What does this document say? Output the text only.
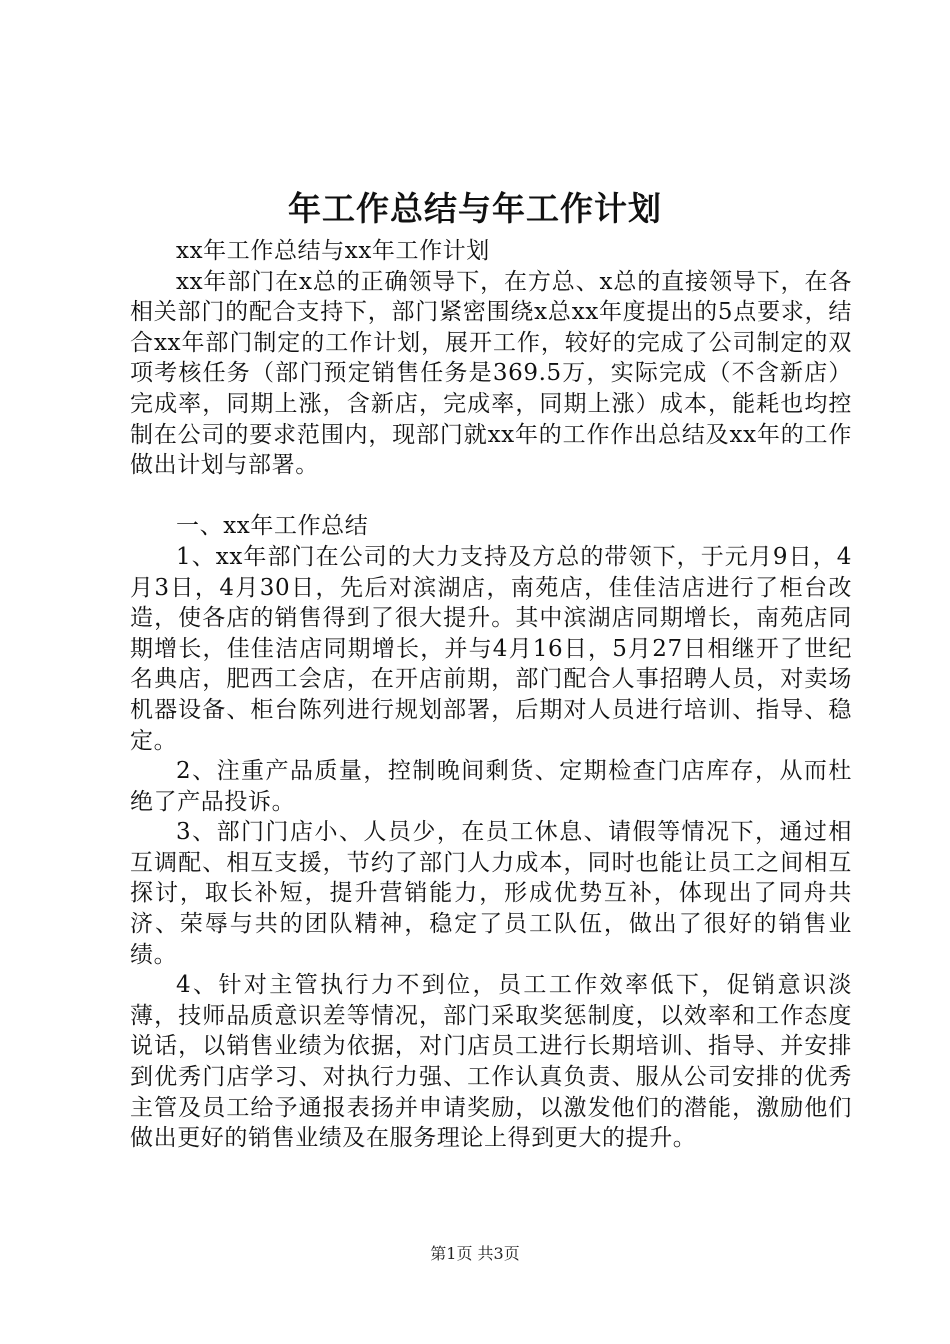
年工作总结与年工作计划

xx年工作总结与xx年工作计划

xx年部门在x总的正确领导下，在方总、x总的直接领导下，在各相关部门的配合支持下，部门紧密围绕x总xx年度提出的5点要求，结合xx年部门制定的工作计划，展开工作，较好的完成了公司制定的双项考核任务（部门预定销售任务是369.5万，实际完成（不含新店）完成率，同期上涨，含新店，完成率，同期上涨）成本，能耗也均控制在公司的要求范围内，现部门就xx年的工作作出总结及xx年的工作做出计划与部署。

一、xx年工作总结

1、xx年部门在公司的大力支持及方总的带领下，于元月9日，4月3日，4月30日，先后对滨湖店，南苑店，佳佳洁店进行了柜台改造，使各店的销售得到了很大提升。其中滨湖店同期增长，南苑店同期增长，佳佳洁店同期增长，并与4月16日，5月27日相继开了世纪名典店，肥西工会店，在开店前期，部门配合人事招聘人员，对卖场机器设备、柜台陈列进行规划部署，后期对人员进行培训、指导、稳定。

2、注重产品质量，控制晚间剩货、定期检查门店库存，从而杜绝了产品投诉。

3、部门门店小、人员少，在员工休息、请假等情况下，通过相互调配、相互支援，节约了部门人力成本，同时也能让员工之间相互探讨，取长补短，提升营销能力，形成优势互补，体现出了同舟共济、荣辱与共的团队精神，稳定了员工队伍，做出了很好的销售业绩。

4、针对主管执行力不到位，员工工作效率低下，促销意识淡薄，技师品质意识差等情况，部门采取奖惩制度，以效率和工作态度说话，以销售业绩为依据，对门店员工进行长期培训、指导、并安排到优秀门店学习、对执行力强、工作认真负责、服从公司安排的优秀主管及员工给予通报表扬并申请奖励，以激发他们的潜能，激励他们做出更好的销售业绩及在服务理论上得到更大的提升。

第1页 共3页
